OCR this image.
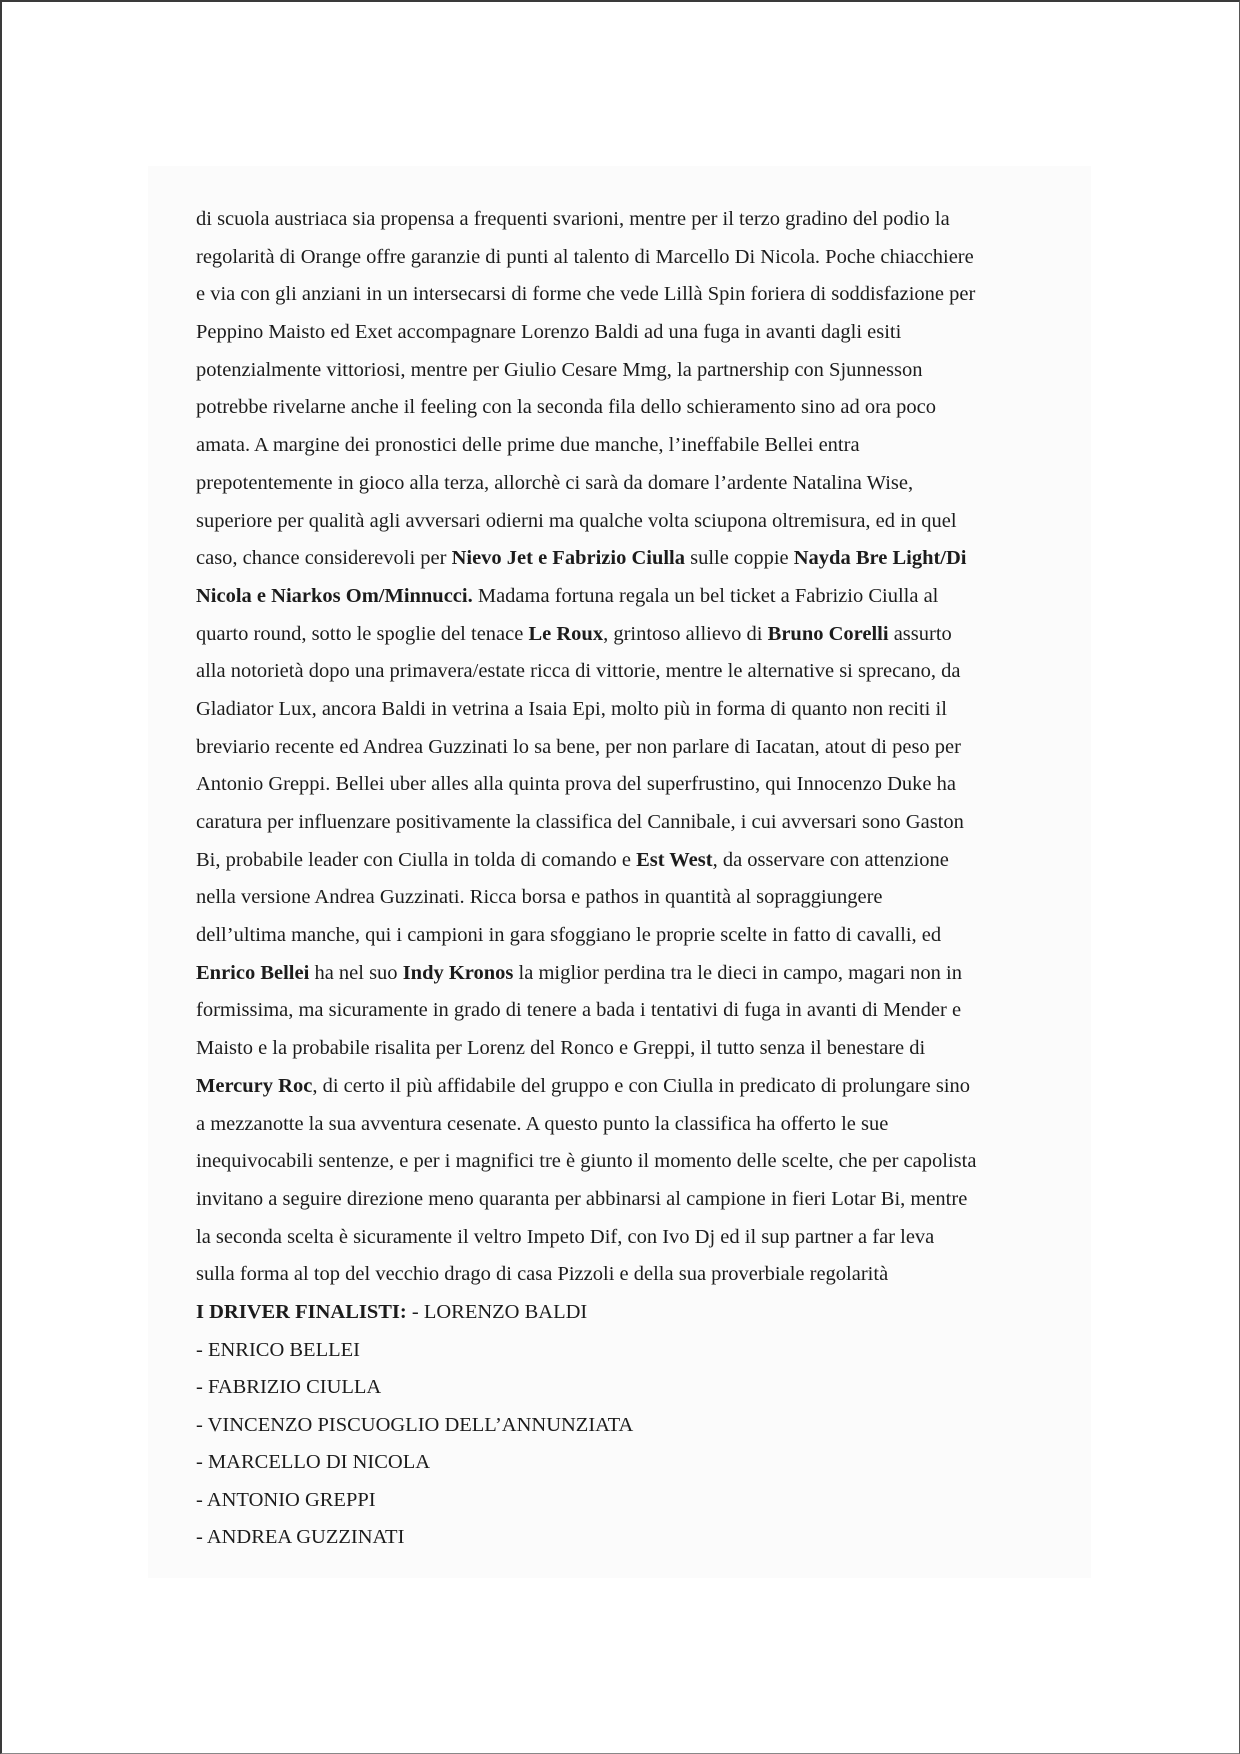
di scuola austriaca sia propensa a frequenti svarioni, mentre per il terzo gradino del podio la
regolarità di Orange offre garanzie di punti al talento di Marcello Di Nicola. Poche chiacchiere
e via con gli anziani in un intersecarsi di forme che vede Lillà Spin foriera di soddisfazione per
Peppino Maisto ed Exet accompagnare Lorenzo Baldi ad una fuga in avanti dagli esiti
potenzialmente vittoriosi, mentre per Giulio Cesare Mmg, la partnership con Sjunnesson
potrebbe rivelarne anche il feeling con la seconda fila dello schieramento sino ad ora poco
amata. A margine dei pronostici delle prime due manche, l’ineffabile Bellei entra
prepotentemente in gioco alla terza, allorchè ci sarà da domare l’ardente Natalina Wise,
superiore per qualità agli avversari odierni ma qualche volta sciupona oltremisura, ed in quel
caso, chance considerevoli per Nievo Jet e Fabrizio Ciulla sulle coppie Nayda Bre Light/Di
Nicola e Niarkos Om/Minnucci. Madama fortuna regala un bel ticket a Fabrizio Ciulla al
quarto round, sotto le spoglie del tenace Le Roux, grintoso allievo di Bruno Corelli assurto
alla notorietà dopo una primavera/estate ricca di vittorie, mentre le alternative si sprecano, da
Gladiator Lux, ancora Baldi in vetrina a Isaia Epi, molto più in forma di quanto non reciti il
breviario recente ed Andrea Guzzinati lo sa bene, per non parlare di Iacatan, atout di peso per
Antonio Greppi. Bellei uber alles alla quinta prova del superfrustino, qui Innocenzo Duke ha
caratura per influenzare positivamente la classifica del Cannibale, i cui avversari sono Gaston
Bi, probabile leader con Ciulla in tolda di comando e Est West, da osservare con attenzione
nella versione Andrea Guzzinati. Ricca borsa e pathos in quantità al sopraggiungere
dell’ultima manche, qui i campioni in gara sfoggiano le proprie scelte in fatto di cavalli, ed
Enrico Bellei ha nel suo Indy Kronos la miglior perdina tra le dieci in campo, magari non in
formissima, ma sicuramente in grado di tenere a bada i tentativi di fuga in avanti di Mender e
Maisto e la probabile risalita per Lorenz del Ronco e Greppi, il tutto senza il benestare di
Mercury Roc, di certo il più affidabile del gruppo e con Ciulla in predicato di prolungare sino
a mezzanotte la sua avventura cesenate. A questo punto la classifica ha offerto le sue
inequivocabili sentenze, e per i magnifici tre è giunto il momento delle scelte, che per capolista
invitano a seguire direzione meno quaranta per abbinarsi al campione in fieri Lotar Bi, mentre
la seconda scelta è sicuramente il veltro Impeto Dif, con Ivo Dj ed il sup partner a far leva
sulla forma al top del vecchio drago di casa Pizzoli e della sua proverbiale regolarità
I DRIVER FINALISTI: - LORENZO BALDI
- ENRICO BELLEI
- FABRIZIO CIULLA
- VINCENZO PISCUOGLIO DELL’ANNUNZIATA
- MARCELLO DI NICOLA
- ANTONIO GREPPI
- ANDREA GUZZINATI
